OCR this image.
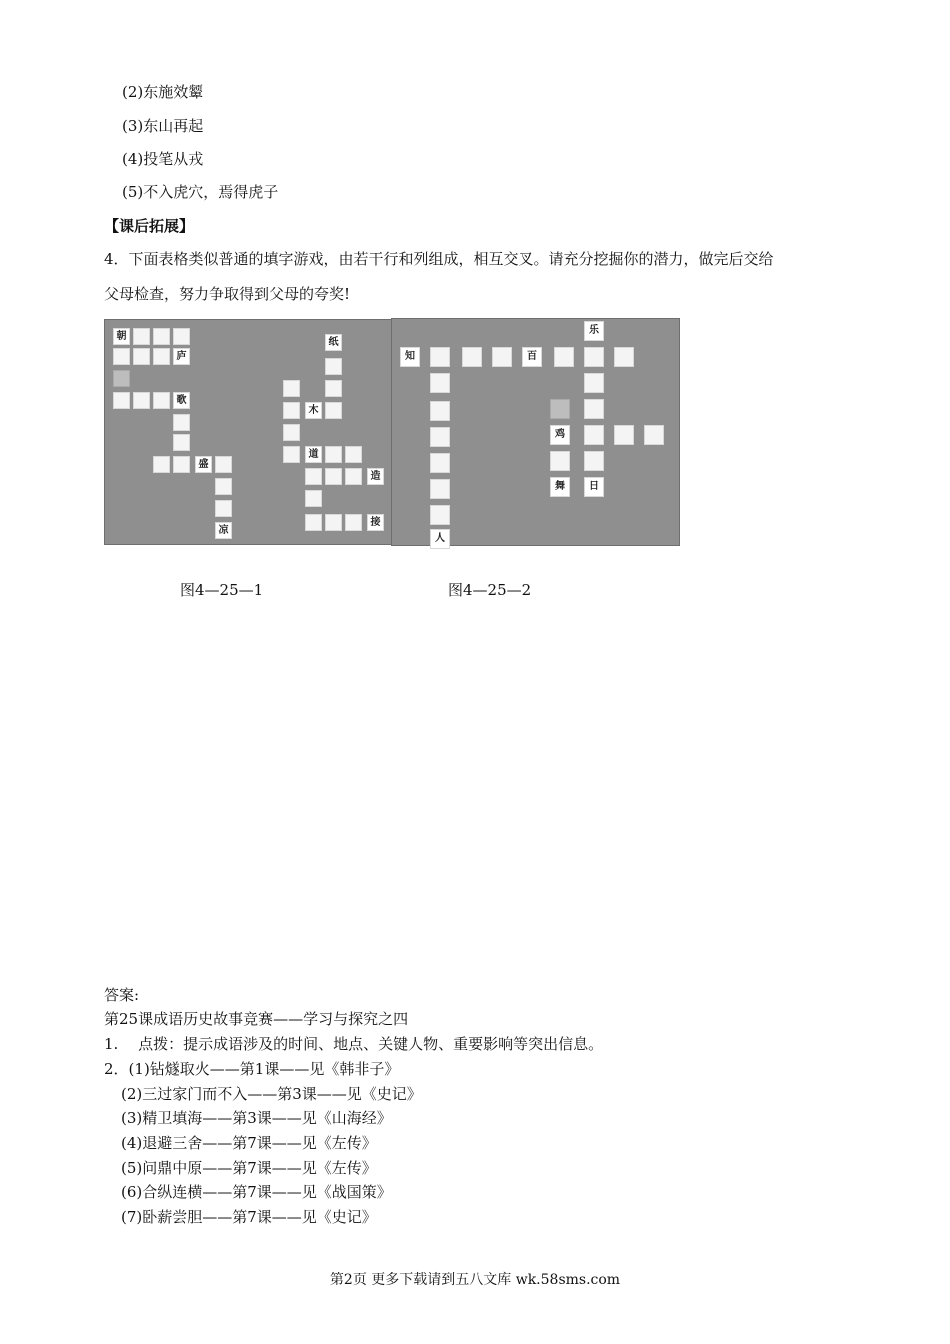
(2)东施效颦
(3)东山再起
(4)投笔从戎
(5)不入虎穴，焉得虎子
【课后拓展】
4．下面表格类似普通的填字游戏，由若干行和列组成，相互交叉。请充分挖掘你的潜力，做完后交给
父母检查，努力争取得到父母的夸奖!
朝
庐
歌
盛
凉
纸
木
道
造
接
图4—25—1
乐
知	百
人
鸡
舞	日
图4—25—2
答案:
第25课成语历史故事竞赛——学习与探究之四
1.　 点拨：提示成语涉及的时间、地点、关键人物、重要影响等突出信息。
2．(1)钻燧取火——第1课——见《韩非子》
(2)三过家门而不入——第3课——见《史记》
(3)精卫填海——第3课——见《山海经》
(4)退避三舍——第7课——见《左传》
(5)问鼎中原——第7课——见《左传》
(6)合纵连横——第7课——见《战国策》
(7)卧薪尝胆——第7课——见《史记》
第2页 更多下载请到五八文库 wk.58sms.com
